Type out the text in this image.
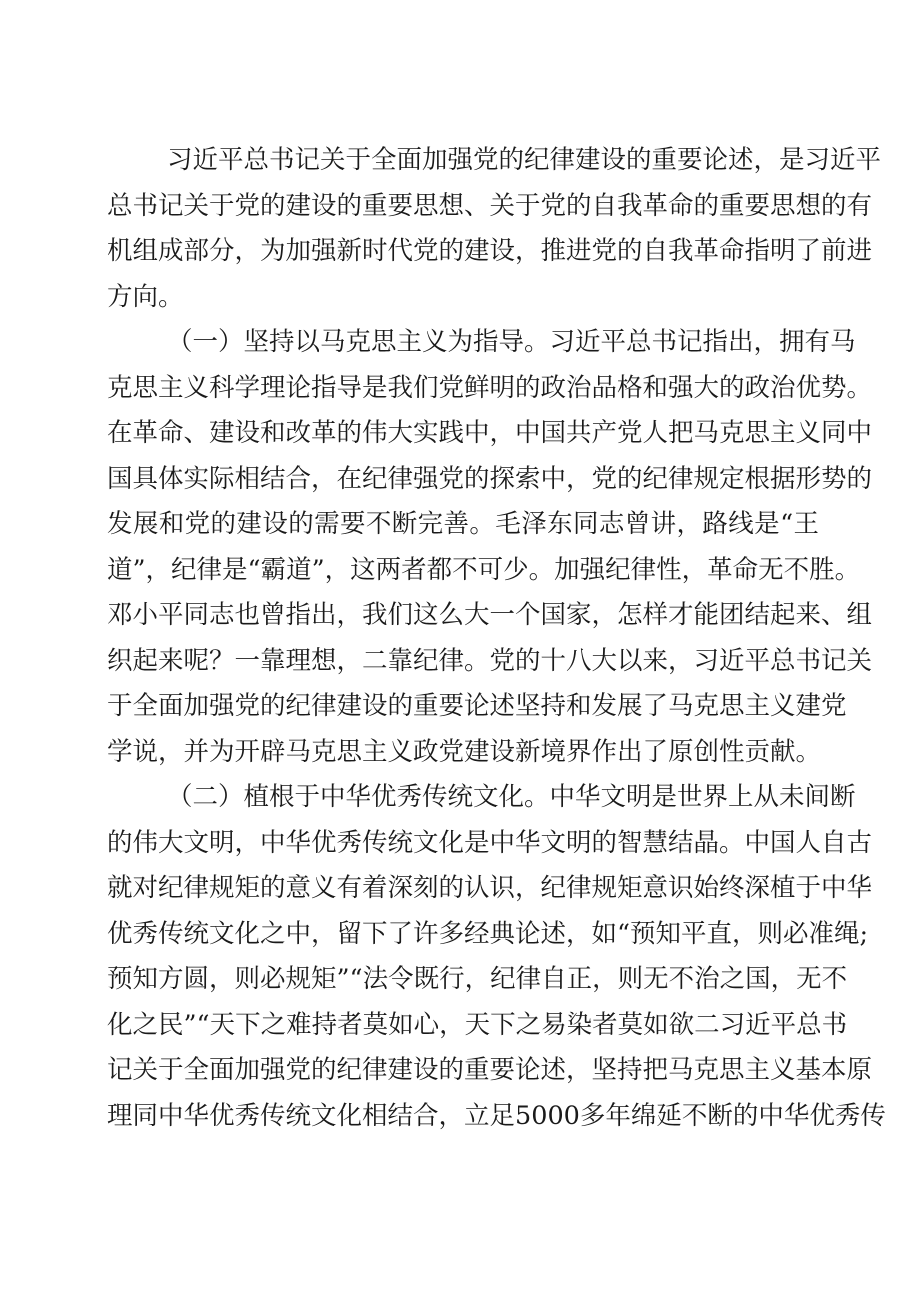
习近平总书记关于全面加强党的纪律建设的重要论述，是习近平
总书记关于党的建设的重要思想、关于党的自我革命的重要思想的有
机组成部分，为加强新时代党的建设，推进党的自我革命指明了前进
方向。
（一）坚持以马克思主义为指导。习近平总书记指出，拥有马
克思主义科学理论指导是我们党鲜明的政治品格和强大的政治优势。
在革命、建设和改革的伟大实践中，中国共产党人把马克思主义同中
国具体实际相结合，在纪律强党的探索中，党的纪律规定根据形势的
发展和党的建设的需要不断完善。毛泽东同志曾讲，路线是“王
道”，纪律是“霸道”，这两者都不可少。加强纪律性，革命无不胜。
邓小平同志也曾指出，我们这么大一个国家，怎样才能团结起来、组
织起来呢？一靠理想，二靠纪律。党的十八大以来，习近平总书记关
于全面加强党的纪律建设的重要论述坚持和发展了马克思主义建党
学说，并为开辟马克思主义政党建设新境界作出了原创性贡献。
（二）植根于中华优秀传统文化。中华文明是世界上从未间断
的伟大文明，中华优秀传统文化是中华文明的智慧结晶。中国人自古
就对纪律规矩的意义有着深刻的认识，纪律规矩意识始终深植于中华
优秀传统文化之中，留下了许多经典论述，如“预知平直，则必准绳;
预知方圆，则必规矩”“法令既行，纪律自正，则无不治之国，无不
化之民”“天下之难持者莫如心，天下之易染者莫如欲二习近平总书
记关于全面加强党的纪律建设的重要论述，坚持把马克思主义基本原
理同中华优秀传统文化相结合，立足5000多年绵延不断的中华优秀传
